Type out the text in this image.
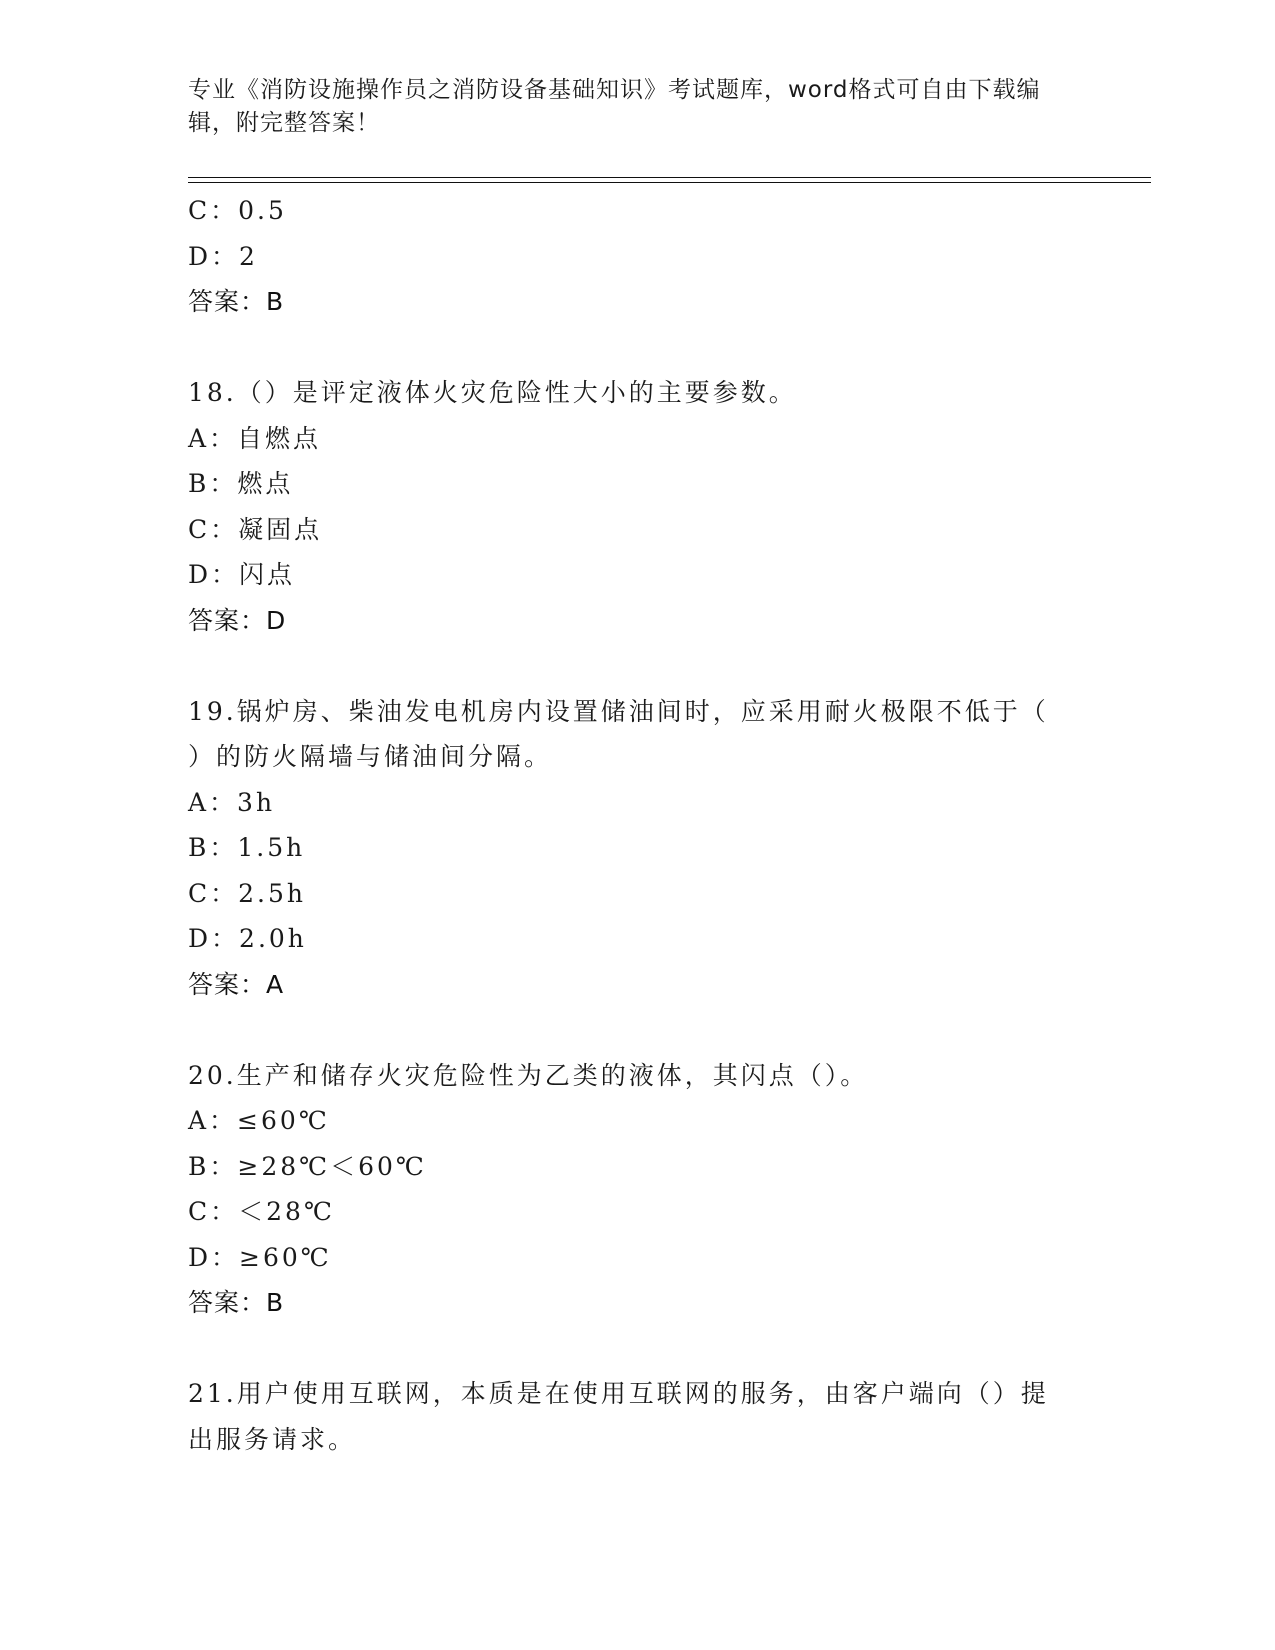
专业《消防设施操作员之消防设备基础知识》考试题库，word格式可自由下载编
辑，附完整答案！
C：0.5
D：2
答案：B
18.（）是评定液体火灾危险性大小的主要参数。
A：自燃点
B：燃点
C：凝固点
D：闪点
答案：D
19.锅炉房、柴油发电机房内设置储油间时，应采用耐火极限不低于（
）的防火隔墙与储油间分隔。
A：3h
B：1.5h
C：2.5h
D：2.0h
答案：A
20.生产和储存火灾危险性为乙类的液体，其闪点（）。
A：≤60℃
B：≥28℃＜60℃
C：＜28℃
D：≥60℃
答案：B
21.用户使用互联网，本质是在使用互联网的服务，由客户端向（）提
出服务请求。
